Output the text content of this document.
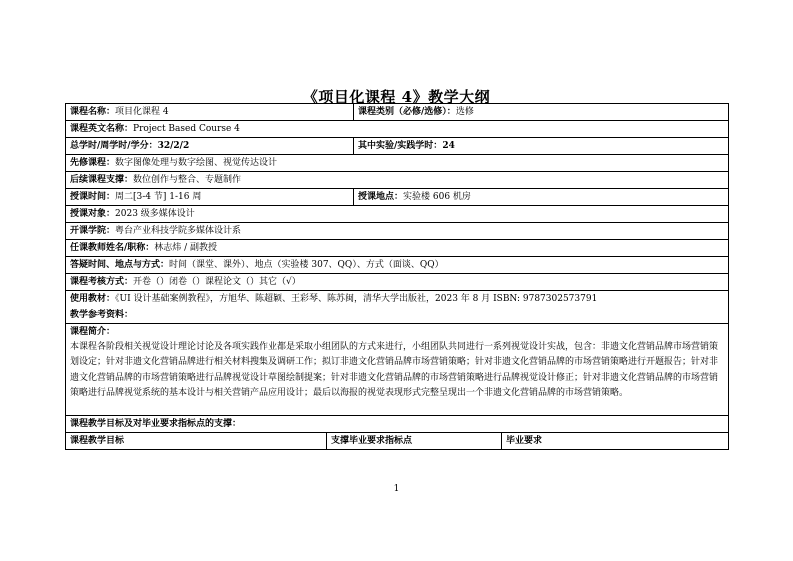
《项目化课程 4》教学大纲
课程名称：项目化课程 4		课程类别（必修/选修）：选修	
课程英文名称：Project Based Course 4			
总学时/周学时/学分：32/2/2		其中实验/实践学时：24	
先修课程：数字图像处理与数字绘图、视觉传达设计			
后续课程支撑：数位创作与整合、专题制作			
授课时间：周二[3-4 节] 1-16 周		授课地点：实验楼 606 机房	
授课对象：2023 级多媒体设计			
开课学院：粤台产业科技学院多媒体设计系			
任课教师姓名/职称：林志炜 / 副教授			
答疑时间、地点与方式：时间（课堂、课外）、地点（实验楼 307、QQ）、方式（面谈、QQ）			
课程考核方式：开卷（）闭卷（）课程论文（）其它（√）			
使用教材：《UI 设计基础案例教程》，方旭华、陈超颖、王彩琴、陈苏闽，清华大学出版社，2023 年 8 月 ISBN: 9787302573791			
教学参考资料：			
课程简介：
本课程各阶段相关视觉设计理论讨论及各项实践作业都是采取小组团队的方式来进行，小组团队共同进行一系列视觉设计实战，包含：非遗文化营销品牌市场营销策划设定；针对非遗文化营销品牌进行相关材料搜集及调研工作；拟订非遗文化营销品牌市场营销策略；针对非遗文化营销品牌的市场营销策略进行开题报告；针对非遗文化营销品牌的市场营销策略进行品牌视觉设计草图绘制提案；针对非遗文化营销品牌的市场营销策略进行品牌视觉设计修正；针对非遗文化营销品牌的市场营销策略进行品牌视觉系统的基本设计与相关营销产品应用设计；最后以海报的视觉表现形式完整呈现出一个非遗文化营销品牌的市场营销策略。			
课程教学目标及对毕业要求指标点的支撑：			
课程教学目标	支撑毕业要求指标点		毕业要求
1
